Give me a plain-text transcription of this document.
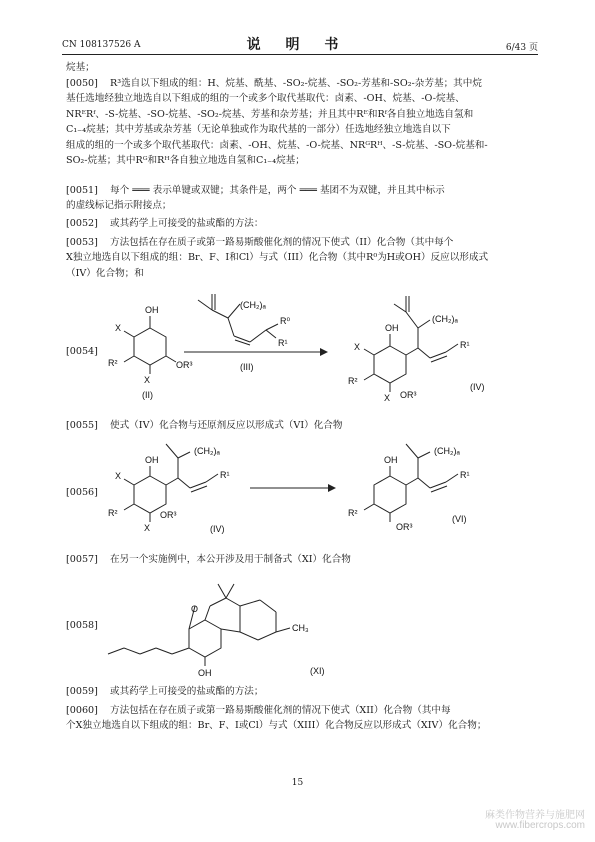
CN 108137526 A	说 明 书	6/43 页
烷基；
[0050] R³选自以下组成的组：H、烷基、酰基、-SO₂-烷基、-SO₂-芳基和-SO₂-杂芳基；其中烷
基任选地经独立地选自以下组成的组的一个或多个取代基取代：卤素、-OH、烷基、-O-烷基、
NRᴱRᶠ、-S-烷基、-SO-烷基、-SO₂-烷基、芳基和杂芳基；并且其中Rᴱ和Rᶠ各自独立地选自氢和
C₁₋₄烷基；其中芳基或杂芳基（无论单独或作为取代基的一部分）任选地经独立地选自以下
组成的组的一个或多个取代基取代：卤素、-OH、烷基、-O-烷基、NRᴳRᴴ、-S-烷基、-SO-烷基和-
SO₂-烷基；其中Rᴳ和Rᴴ各自独立地选自氢和C₁₋₄烷基；
[0051] 每个 ═══ 表示单键或双键；其条件是，两个 ═══ 基团不为双键，并且其中标示
的虚线标记指示附接点；
[0052] 或其药学上可接受的盐或酯的方法：
[0053] 方法包括在存在质子或第一路易斯酸催化剂的情况下使式（II）化合物（其中每个
X独立地选自以下组成的组：Br、F、I和Cl）与式（III）化合物（其中R⁰为H或OH）反应以形成式
（IV）化合物；和
[0054]
OH
X
R²
X
OR³
(II)
(CH₂)ₐ
R⁰
R¹
(III)
OH
X
R²
X OR³
(CH₂)ₐ
R¹
(IV)
[0055] 使式（IV）化合物与还原剂反应以形成式（VI）化合物
[0056]
OH
X
R²
X
OR³
(CH₂)ₐ
R¹
(IV)
OH
R²
OR³
(CH₂)ₐ
R¹
(VI)
[0057] 在另一个实施例中，本公开涉及用于制备式（XI）化合物
[0058]
O
CH₃
OH	(XI)
[0059] 或其药学上可接受的盐或酯的方法；
[0060] 方法包括在存在质子或第一路易斯酸催化剂的情况下使式（XII）化合物（其中每
个X独立地选自以下组成的组：Br、F、I或Cl）与式（XIII）化合物反应以形成式（XIV）化合物；
15
麻类作物营养与施肥网
www.fibercrops.com
